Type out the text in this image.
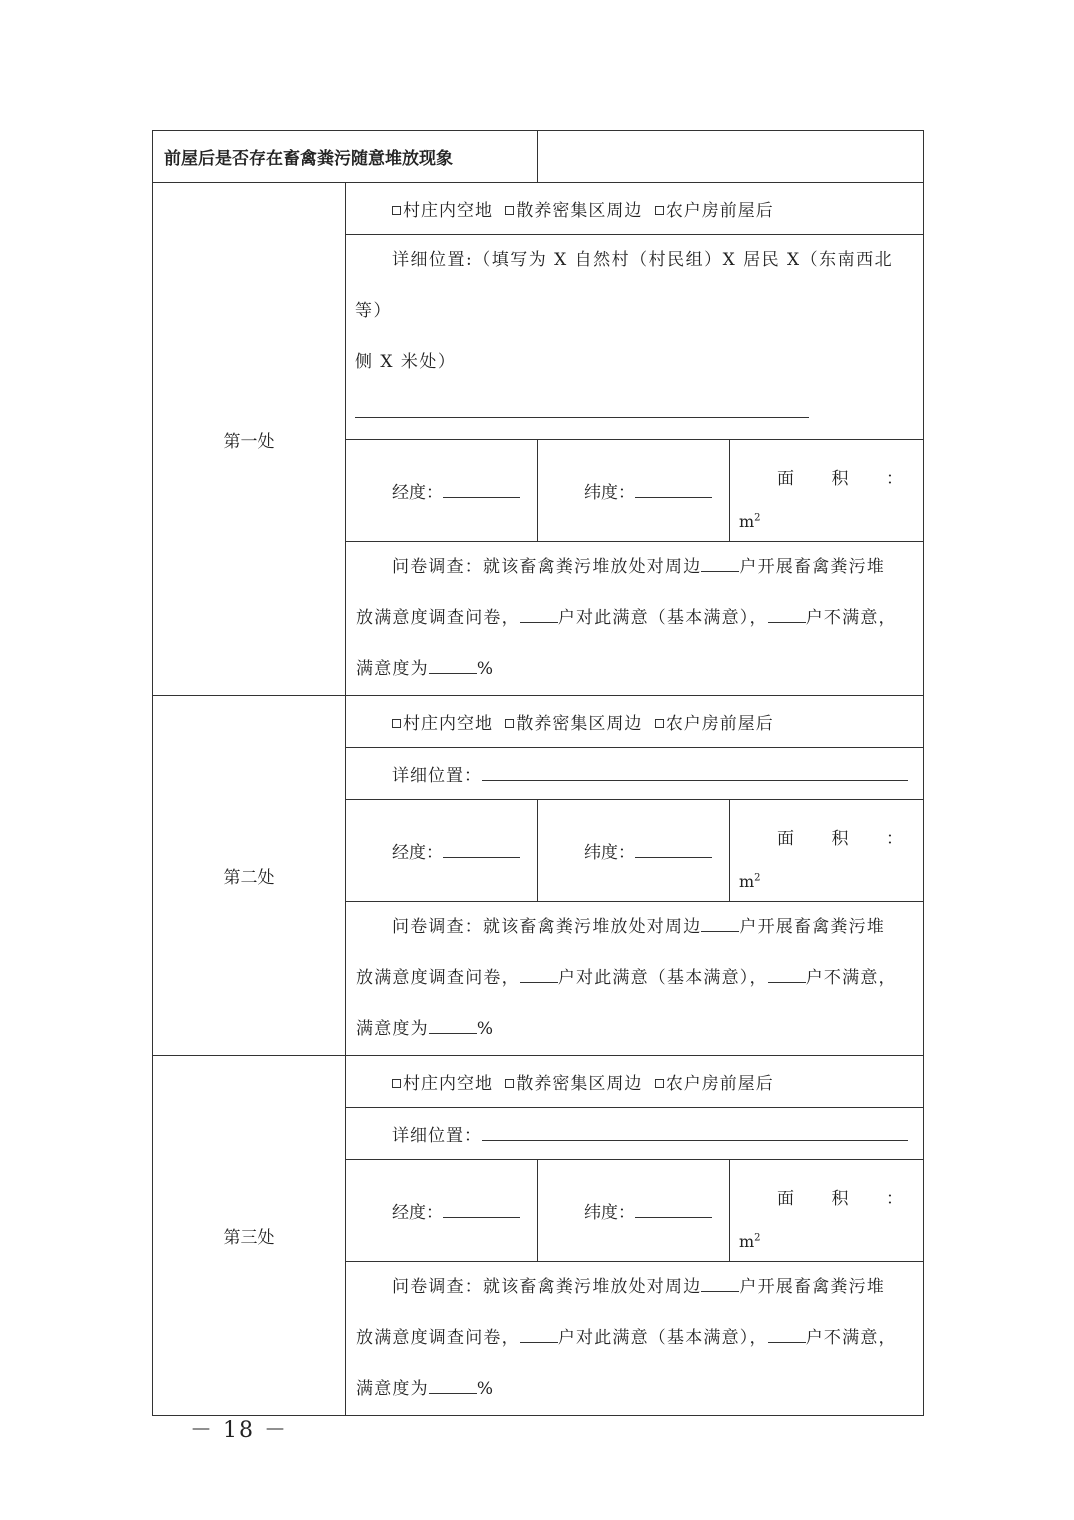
前屋后是否存在畜禽粪污随意堆放现象			
第一处	村庄内空地 散养密集区周边 农户房前屋后		
	详细位置:（填写为 X 自然村（村民组）X 居民 X（东南西北等）
侧 X 米处）		
	经度：	纬度：	面 积 ：
$m^2$

	问卷调查：就该畜禽粪污堆放处对周边 户开展畜禽粪污堆
放满意度调查问卷， 户对此满意（基本满意）， 户不满意，
满意度为 %		
第二处	村庄内空地 散养密集区周边 农户房前屋后		
	详细位置：		
	经度：	纬度：	面 积 ：
$m^2$

	问卷调查：就该畜禽粪污堆放处对周边 户开展畜禽粪污堆
放满意度调查问卷， 户对此满意（基本满意）， 户不满意，
满意度为 %		
第三处	村庄内空地 散养密集区周边 农户房前屋后		
	详细位置：		
	经度：	纬度：	面 积 ：
$m^2$

	问卷调查：就该畜禽粪污堆放处对周边 户开展畜禽粪污堆
放满意度调查问卷， 户对此满意（基本满意）， 户不满意，
满意度为 %		
－ 18 －
